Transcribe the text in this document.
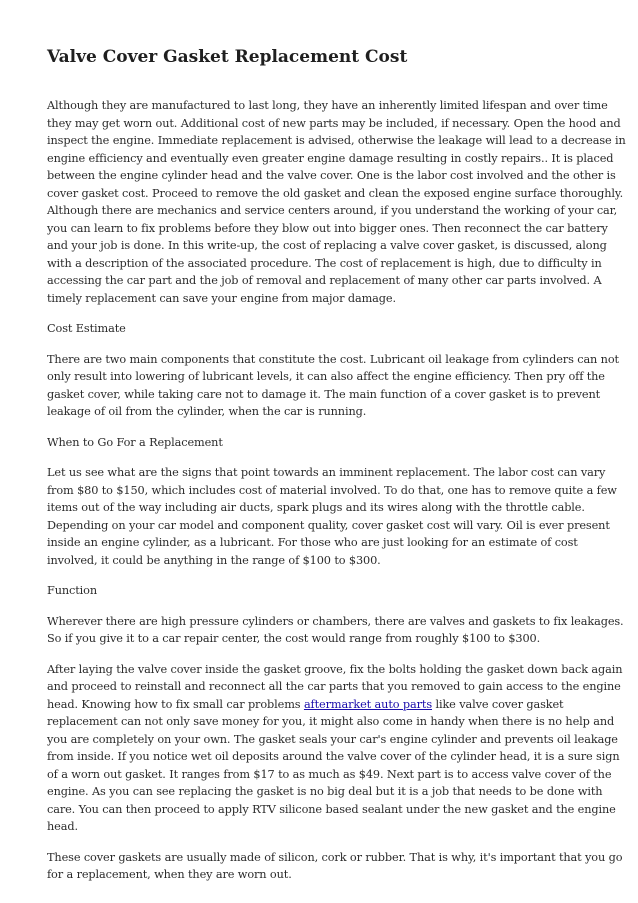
Valve Cover Gasket Replacement Cost

Although they are manufactured to last long, they have an inherently limited lifespan and over time they may get worn out. Additional cost of new parts may be included, if necessary. Open the hood and inspect the engine. Immediate replacement is advised, otherwise the leakage will lead to a decrease in engine efficiency and eventually even greater engine damage resulting in costly repairs.. It is placed between the engine cylinder head and the valve cover. One is the labor cost involved and the other is cover gasket cost. Proceed to remove the old gasket and clean the exposed engine surface thoroughly. Although there are mechanics and service centers around, if you understand the working of your car, you can learn to fix problems before they blow out into bigger ones. Then reconnect the car battery and your job is done. In this write-up, the cost of replacing a valve cover gasket, is discussed, along with a description of the associated procedure. The cost of replacement is high, due to difficulty in accessing the car part and the job of removal and replacement of many other car parts involved. A timely replacement can save your engine from major damage.

Cost Estimate

There are two main components that constitute the cost. Lubricant oil leakage from cylinders can not only result into lowering of lubricant levels, it can also affect the engine efficiency. Then pry off the gasket cover, while taking care not to damage it. The main function of a cover gasket is to prevent leakage of oil from the cylinder, when the car is running.

When to Go For a Replacement

Let us see what are the signs that point towards an imminent replacement. The labor cost can vary from $80 to $150, which includes cost of material involved. To do that, one has to remove quite a few items out of the way including air ducts, spark plugs and its wires along with the throttle cable. Depending on your car model and component quality, cover gasket cost will vary. Oil is ever present inside an engine cylinder, as a lubricant. For those who are just looking for an estimate of cost involved, it could be anything in the range of $100 to $300.

Function

Wherever there are high pressure cylinders or chambers, there are valves and gaskets to fix leakages. So if you give it to a car repair center, the cost would range from roughly $100 to $300.

After laying the valve cover inside the gasket groove, fix the bolts holding the gasket down back again and proceed to reinstall and reconnect all the car parts that you removed to gain access to the engine head. Knowing how to fix small car problems aftermarket auto parts like valve cover gasket replacement can not only save money for you, it might also come in handy when there is no help and you are completely on your own. The gasket seals your car's engine cylinder and prevents oil leakage from inside. If you notice wet oil deposits around the valve cover of the cylinder head, it is a sure sign of a worn out gasket. It ranges from $17 to as much as $49. Next part is to access valve cover of the engine. As you can see replacing the gasket is no big deal but it is a job that needs to be done with care. You can then proceed to apply RTV silicone based sealant under the new gasket and the engine head.

These cover gaskets are usually made of silicon, cork or rubber. That is why, it's important that you go for a replacement, when they are worn out.
